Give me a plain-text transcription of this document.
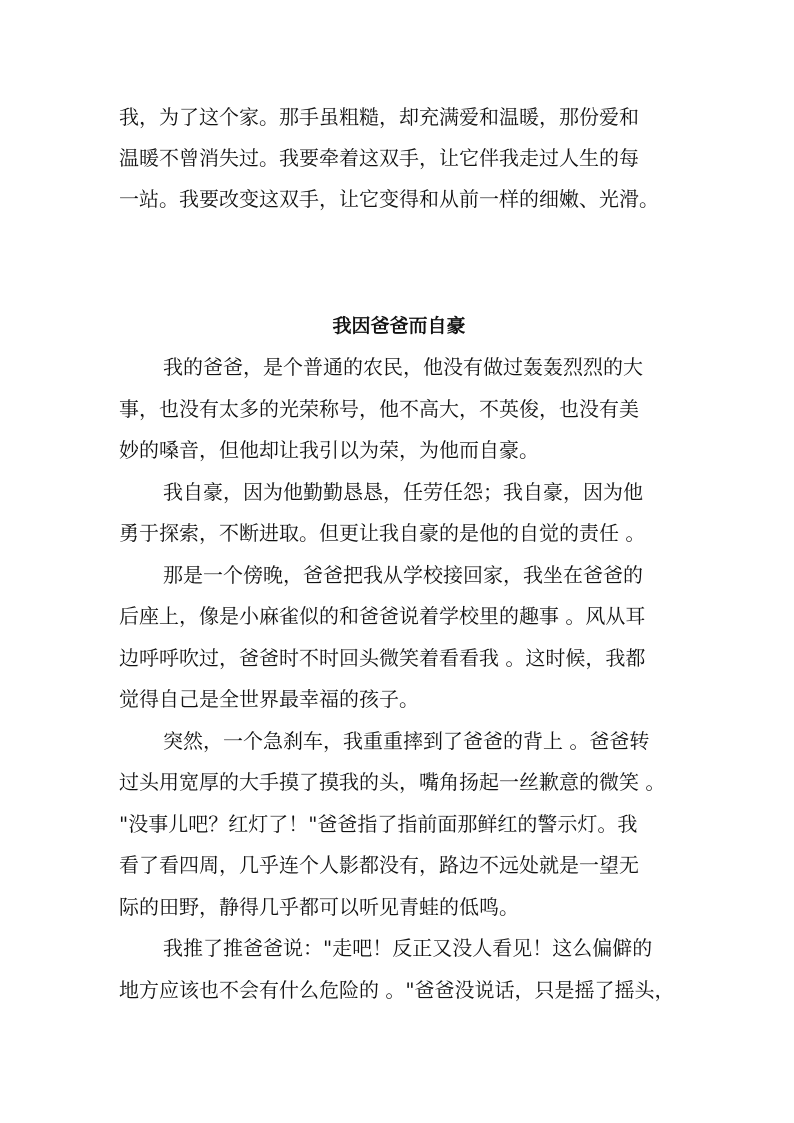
我，为了这个家。那手虽粗糙，却充满爱和温暖，那份爱和
温暖不曾消失过。我要牵着这双手，让它伴我走过人生的每
一站。我要改变这双手，让它变得和从前一样的细嫩、光滑。
我因爸爸而自豪
我的爸爸，是个普通的农民，他没有做过轰轰烈烈的大
事，也没有太多的光荣称号，他不高大，不英俊，也没有美
妙的嗓音，但他却让我引以为荣，为他而自豪。
我自豪，因为他勤勤恳恳，任劳任怨；我自豪，因为他
勇于探索，不断进取。但更让我自豪的是他的自觉的责任 。
那是一个傍晚，爸爸把我从学校接回家，我坐在爸爸的
后座上，像是小麻雀似的和爸爸说着学校里的趣事 。风从耳
边呼呼吹过，爸爸时不时回头微笑着看看我 。这时候，我都
觉得自己是全世界最幸福的孩子。
突然，一个急刹车，我重重摔到了爸爸的背上 。爸爸转
过头用宽厚的大手摸了摸我的头，嘴角扬起一丝歉意的微笑 。
"没事儿吧？红灯了！"爸爸指了指前面那鲜红的警示灯。我
看了看四周，几乎连个人影都没有，路边不远处就是一望无
际的田野，静得几乎都可以听见青蛙的低鸣。
我推了推爸爸说："走吧！反正又没人看见！这么偏僻的
地方应该也不会有什么危险的 。"爸爸没说话，只是摇了摇头，
